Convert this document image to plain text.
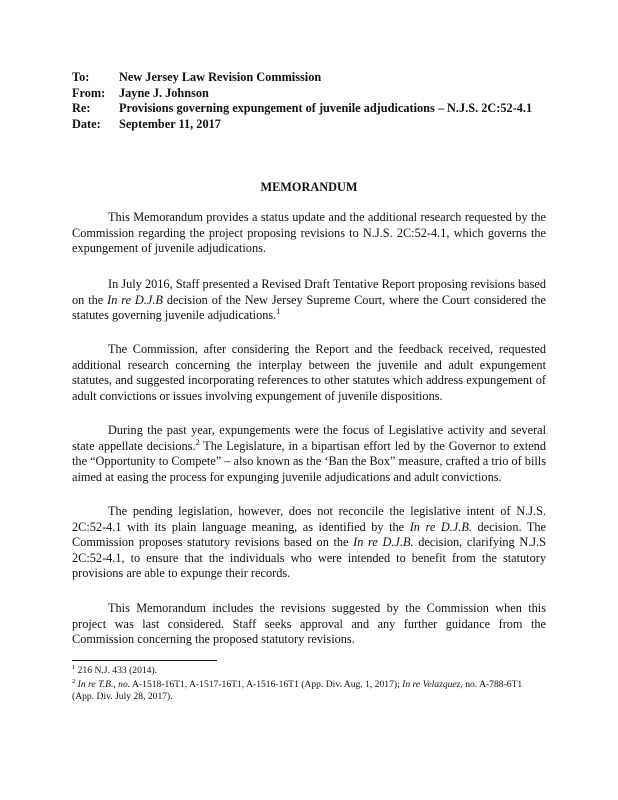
To:	New Jersey Law Revision Commission
From:	Jayne J. Johnson
Re:	Provisions governing expungement of juvenile adjudications – N.J.S. 2C:52-4.1
Date:	September 11, 2017
MEMORANDUM

This Memorandum provides a status update and the additional research requested by the Commission regarding the project proposing revisions to N.J.S. 2C:52-4.1, which governs the expungement of juvenile adjudications.

In July 2016, Staff presented a Revised Draft Tentative Report proposing revisions based on the In re D.J.B decision of the New Jersey Supreme Court, where the Court considered the statutes governing juvenile adjudications.$^1$

The Commission, after considering the Report and the feedback received, requested additional research concerning the interplay between the juvenile and adult expungement statutes, and suggested incorporating references to other statutes which address expungement of adult convictions or issues involving expungement of juvenile dispositions.

During the past year, expungements were the focus of Legislative activity and several state appellate decisions.$^2$ The Legislature, in a bipartisan effort led by the Governor to extend the “Opportunity to Compete” – also known as the ‘Ban the Box” measure, crafted a trio of bills aimed at easing the process for expunging juvenile adjudications and adult convictions.

The pending legislation, however, does not reconcile the legislative intent of N.J.S. 2C:52-4.1 with its plain language meaning, as identified by the In re D.J.B. decision. The Commission proposes statutory revisions based on the In re D.J.B. decision, clarifying N.J.S 2C:52-4.1, to ensure that the individuals who were intended to benefit from the statutory provisions are able to expunge their records.

This Memorandum includes the revisions suggested by the Commission when this project was last considered. Staff seeks approval and any further guidance from the Commission concerning the proposed statutory revisions.

$^1$ 216 N.J. 433 (2014).
$^2$ In re T.B., no. A-1518-16T1, A-1517-16T1, A-1516-16T1 (App. Div. Aug. 1, 2017); In re Velazquez, no. A-788-6T1 (App. Div. July 28, 2017).
